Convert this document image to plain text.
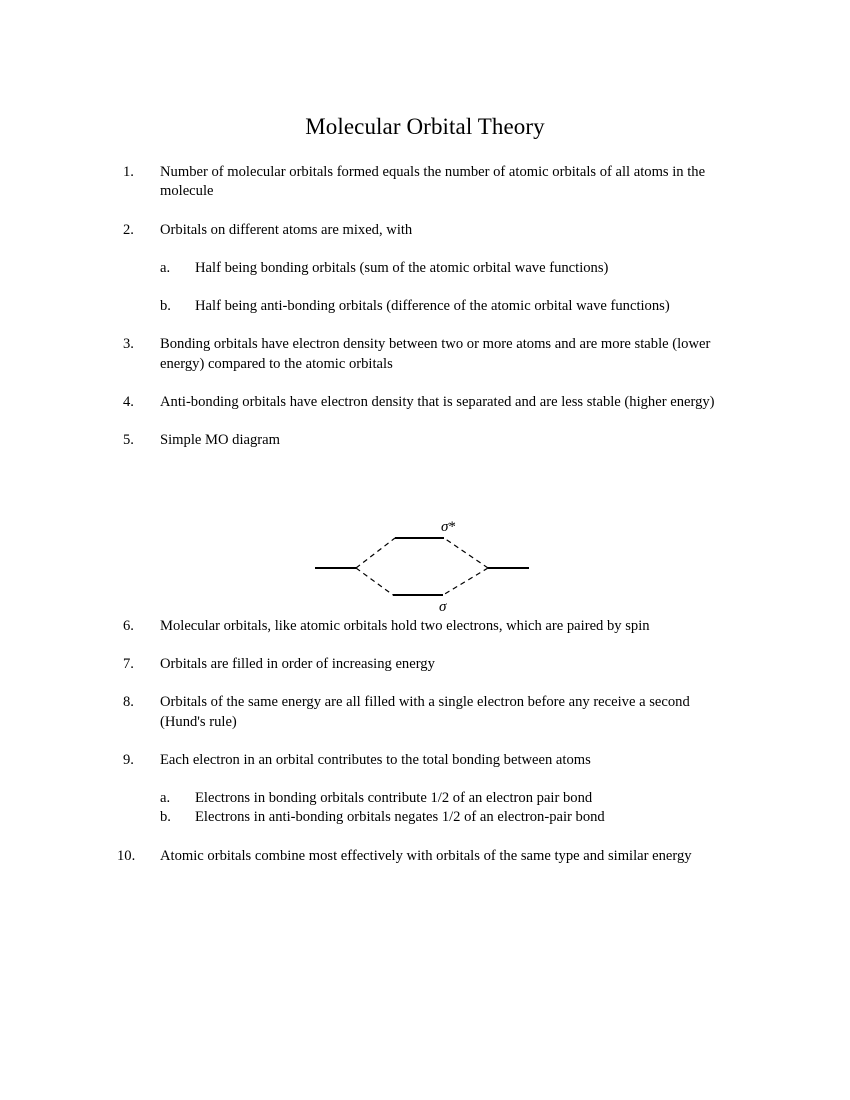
Molecular Orbital Theory
1.	Number of molecular orbitals formed equals the number of atomic orbitals of all atoms in the molecule
2.	Orbitals on different atoms are mixed, with
a. Half being bonding orbitals (sum of the atomic orbital wave functions)
b. Half being anti-bonding orbitals (difference of the atomic orbital wave functions)
3.	Bonding orbitals have electron density between two or more atoms and are more stable (lower energy) compared to the atomic orbitals
4.	Anti-bonding orbitals have electron density that is separated and are less stable (higher energy)
5.	Simple MO diagram
6.	Molecular orbitals, like atomic orbitals hold two electrons, which are paired by spin
7.	Orbitals are filled in order of increasing energy
8.	Orbitals of the same energy are all filled with a single electron before any receive a second (Hund's rule)
9.	Each electron in an orbital contributes to the total bonding between atoms
a. Electrons in bonding orbitals contribute 1/2 of an electron pair bond
b. Electrons in anti-bonding orbitals negates 1/2 of an electron-pair bond
10.	Atomic orbitals combine most effectively with orbitals of the same type and similar energy
σ*
σ
